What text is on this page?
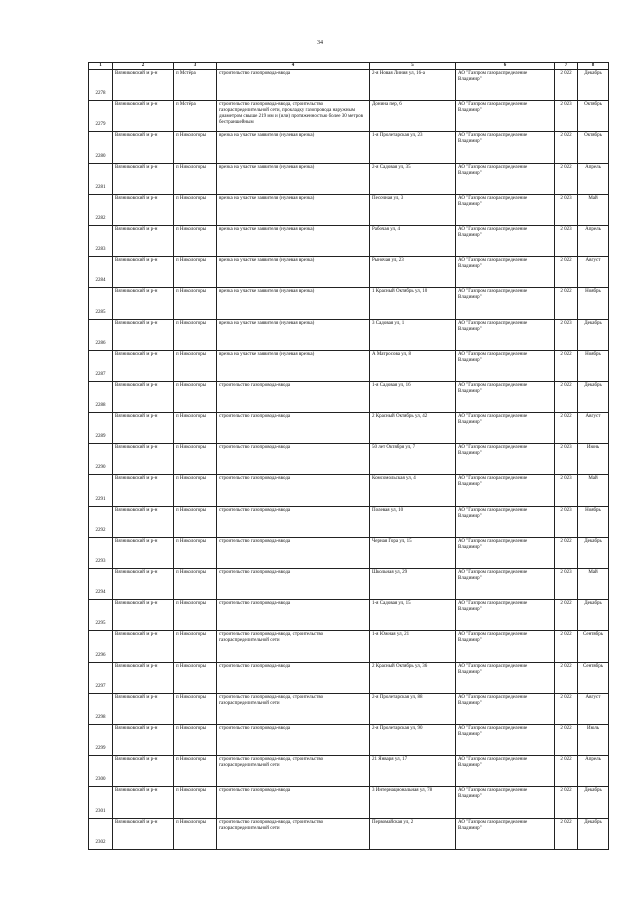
34
1	2	3	4	5	6	7	8
2278	Вязниковский м р-н	п Мстёра	строительство газопровода-ввода	2-я Новая Линия ул, 16-а	АО "Газпром газораспределение Владимир"	2 022	Декабрь
2279	Вязниковский м р-н	п Мстёра	строительство газопровода-ввода, строительство газораспределительной сети, прокладку газопровода наружным диаметром свыше 219 мм и (или) протяженностью более 30 метров бестраншейным	Донина пер, 6	АО "Газпром газораспределение Владимир"	2 023	Октябрь
2280	Вязниковский м р-н	п Никологоры	врезка на участке заявителя (нулевая врезка)	1-я Пролетарская ул, 23	АО "Газпром газораспределение Владимир"	2 022	Октябрь
2281	Вязниковский м р-н	п Никологоры	врезка на участке заявителя (нулевая врезка)	2-я Садовая ул, 35	АО "Газпром газораспределение Владимир"	2 022	Апрель
2282	Вязниковский м р-н	п Никологоры	врезка на участке заявителя (нулевая врезка)	Песочная ул, 3	АО "Газпром газораспределение Владимир"	2 023	Май
2283	Вязниковский м р-н	п Никологоры	врезка на участке заявителя (нулевая врезка)	Рабочая ул, 4	АО "Газпром газораспределение Владимир"	2 023	Апрель
2284	Вязниковский м р-н	п Никологоры	врезка на участке заявителя (нулевая врезка)	Рыночая ул, 23	АО "Газпром газораспределение Владимир"	2 022	Август
2285	Вязниковский м р-н	п Никологоры	врезка на участке заявителя (нулевая врезка)	1 Красный Октябрь ул, 10	АО "Газпром газораспределение Владимир"	2 022	Ноябрь
2286	Вязниковский м р-н	п Никологоры	врезка на участке заявителя (нулевая врезка)	3 Садовая ул, 1	АО "Газпром газораспределение Владимир"	2 023	Декабрь
2287	Вязниковский м р-н	п Никологоры	врезка на участке заявителя (нулевая врезка)	А Матросова ул, 8	АО "Газпром газораспределение Владимир"	2 022	Ноябрь
2288	Вязниковский м р-н	п Никологоры	строительство газопровода-ввода	1-я Садовая ул, 16	АО "Газпром газораспределение Владимир"	2 022	Декабрь
2289	Вязниковский м р-н	п Никологоры	строительство газопровода-ввода	2 Красный Октябрь ул, 42	АО "Газпром газораспределение Владимир"	2 022	Август
2290	Вязниковский м р-н	п Никологоры	строительство газопровода-ввода	50 лет Октября ул, 7	АО "Газпром газораспределение Владимир"	2 023	Июнь
2291	Вязниковский м р-н	п Никологоры	строительство газопровода-ввода	Комсомольская ул, 4	АО "Газпром газораспределение Владимир"	2 023	Май
2292	Вязниковский м р-н	п Никологоры	строительство газопровода-ввода	Полевая ул, 10	АО "Газпром газораспределение Владимир"	2 023	Ноябрь
2293	Вязниковский м р-н	п Никологоры	строительство газопровода-ввода	Черная Гора ул, 15	АО "Газпром газораспределение Владимир"	2 022	Декабрь
2294	Вязниковский м р-н	п Никологоры	строительство газопровода-ввода	Школьная ул, 29	АО "Газпром газораспределение Владимир"	2 023	Май
2295	Вязниковский м р-н	п Никологоры	строительство газопровода-ввода	1-я Садовая ул, 15	АО "Газпром газораспределение Владимир"	2 022	Декабрь
2296	Вязниковский м р-н	п Никологоры	строительство газопровода-ввода, строительство газораспределительной сети	1-я Южная ул, 21	АО "Газпром газораспределение Владимир"	2 022	Сентябрь
2297	Вязниковский м р-н	п Никологоры	строительство газопровода-ввода	2 Красный Октябрь ул, 36	АО "Газпром газораспределение Владимир"	2 022	Сентябрь
2298	Вязниковский м р-н	п Никологоры	строительство газопровода-ввода, строительство газораспределительной сети	2-я Пролетарская ул, 88	АО "Газпром газораспределение Владимир"	2 022	Август
2299	Вязниковский м р-н	п Никологоры	строительство газопровода-ввода	2-я Пролетарская ул, 90	АО "Газпром газораспределение Владимир"	2 022	Июль
2300	Вязниковский м р-н	п Никологоры	строительство газопровода-ввода, строительство газораспределительной сети	21 Января ул, 17	АО "Газпром газораспределение Владимир"	2 022	Апрель
2301	Вязниковский м р-н	п Никологоры	строительство газопровода-ввода	3 Интернациональная ул, 78	АО "Газпром газораспределение Владимир"	2 022	Декабрь
2302	Вязниковский м р-н	п Никологоры	строительство газопровода-ввода, строительство газораспределительной сети	Первомайская ул, 2	АО "Газпром газораспределение Владимир"	2 022	Декабрь
